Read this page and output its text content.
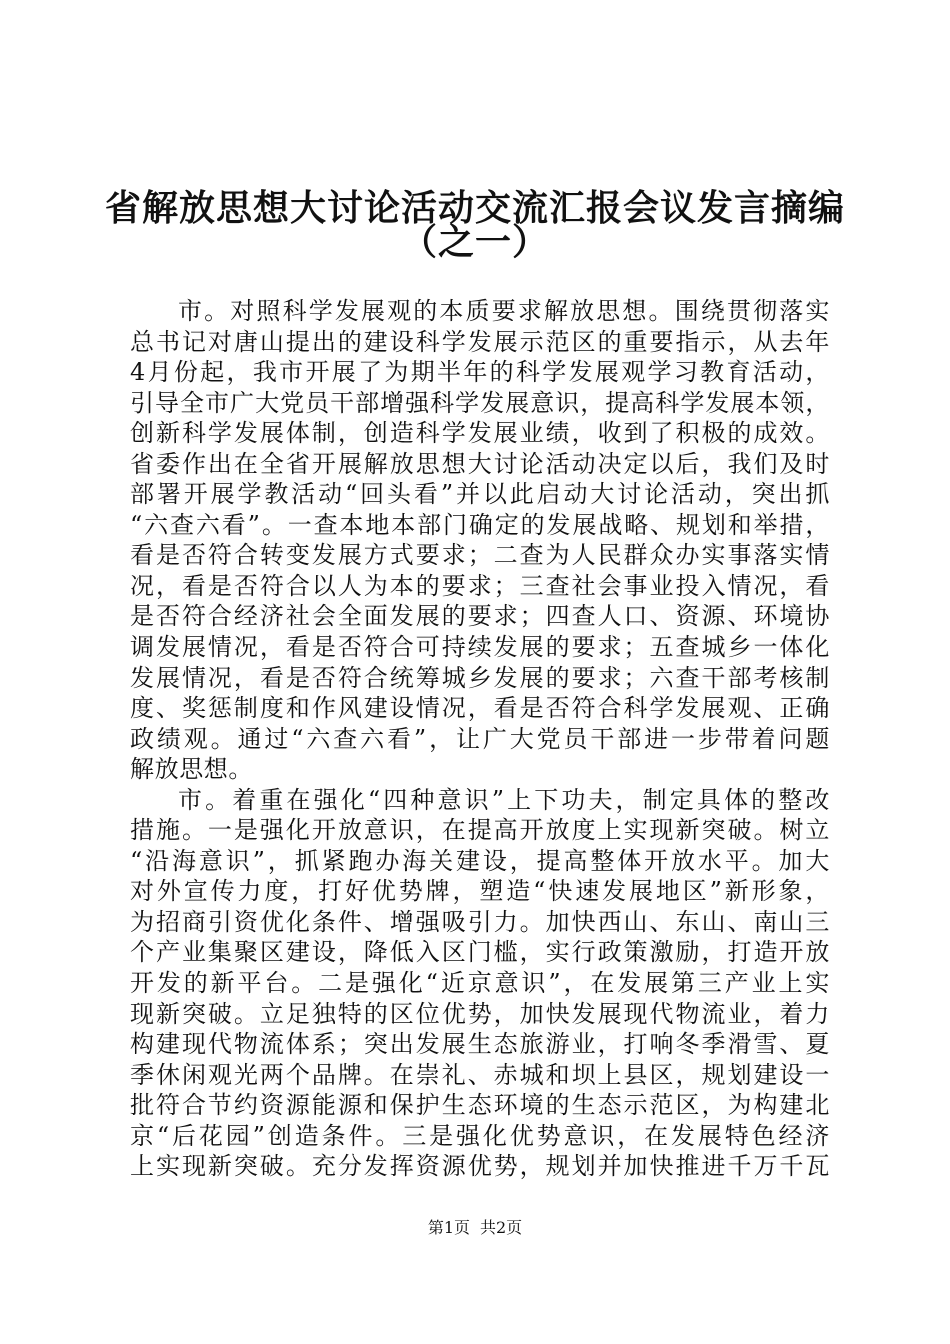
省解放思想大讨论活动交流汇报会议发言摘编
（之一）
市。对照科学发展观的本质要求解放思想。围绕贯彻落实
总书记对唐山提出的建设科学发展示范区的重要指示，从去年
4月份起，我市开展了为期半年的科学发展观学习教育活动，
引导全市广大党员干部增强科学发展意识，提高科学发展本领，
创新科学发展体制，创造科学发展业绩，收到了积极的成效。
省委作出在全省开展解放思想大讨论活动决定以后，我们及时
部署开展学教活动“回头看”并以此启动大讨论活动，突出抓
“六查六看”。一查本地本部门确定的发展战略、规划和举措，
看是否符合转变发展方式要求；二查为人民群众办实事落实情
况，看是否符合以人为本的要求；三查社会事业投入情况，看
是否符合经济社会全面发展的要求；四查人口、资源、环境协
调发展情况，看是否符合可持续发展的要求；五查城乡一体化
发展情况，看是否符合统筹城乡发展的要求；六查干部考核制
度、奖惩制度和作风建设情况，看是否符合科学发展观、正确
政绩观。通过“六查六看”，让广大党员干部进一步带着问题
解放思想。
市。着重在强化“四种意识”上下功夫，制定具体的整改
措施。一是强化开放意识，在提高开放度上实现新突破。树立
“沿海意识”，抓紧跑办海关建设，提高整体开放水平。加大
对外宣传力度，打好优势牌，塑造“快速发展地区”新形象，
为招商引资优化条件、增强吸引力。加快西山、东山、南山三
个产业集聚区建设，降低入区门槛，实行政策激励，打造开放
开发的新平台。二是强化“近京意识”，在发展第三产业上实
现新突破。立足独特的区位优势，加快发展现代物流业，着力
构建现代物流体系；突出发展生态旅游业，打响冬季滑雪、夏
季休闲观光两个品牌。在崇礼、赤城和坝上县区，规划建设一
批符合节约资源能源和保护生态环境的生态示范区，为构建北
京“后花园”创造条件。三是强化优势意识，在发展特色经济
上实现新突破。充分发挥资源优势，规划并加快推进千万千瓦
第1页 共2页
